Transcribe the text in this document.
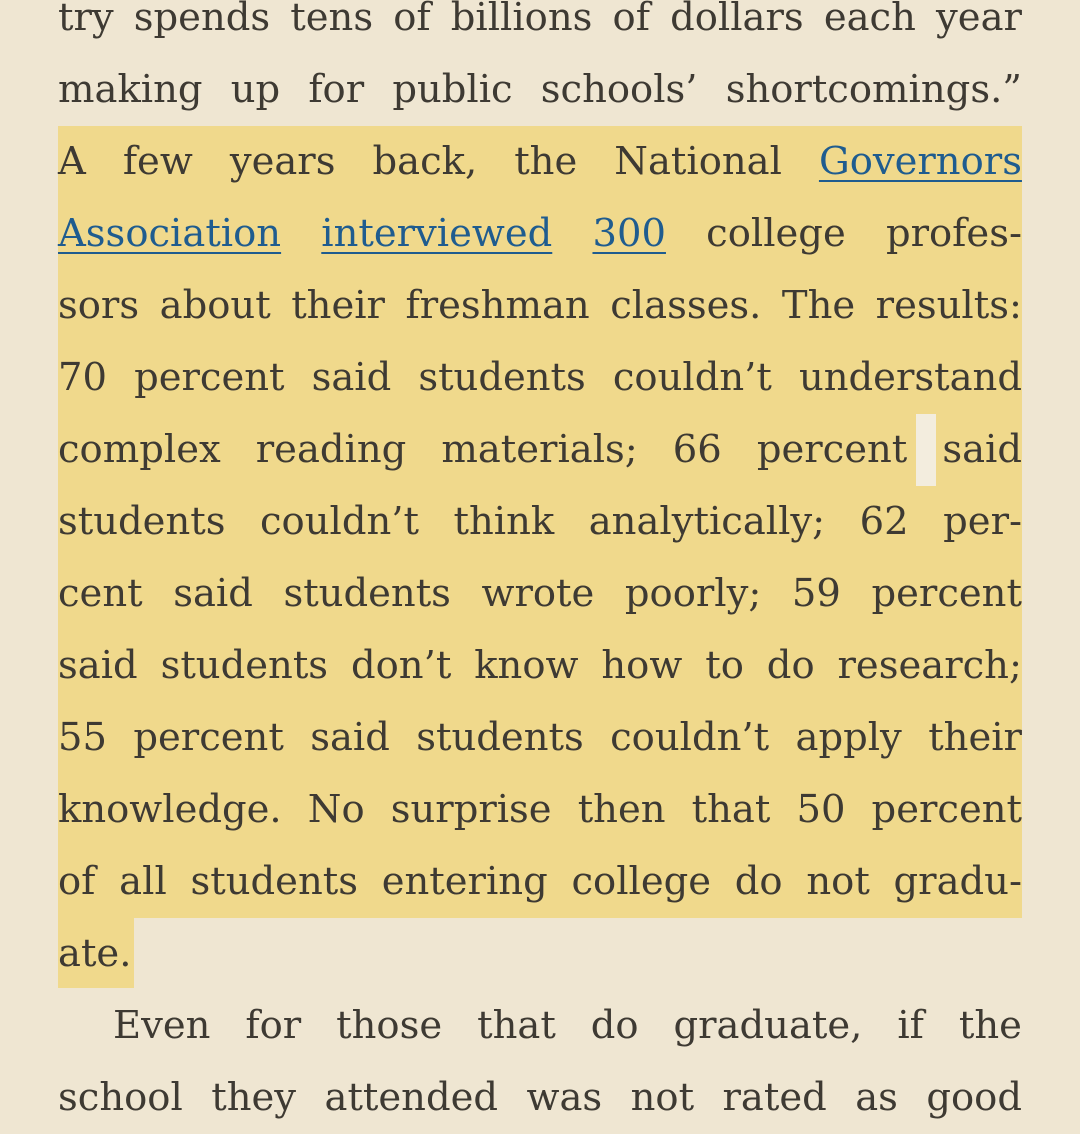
try spends tens of billions of dollars each year
making up for public schools’ shortcomings.”
A few years back, the National Governors
Association interviewed 300 college profes-
sors about their freshman classes. The results:
70 percent said students couldn’t understand
complex reading materials; 66 percent said
students couldn’t think analytically; 62 per-
cent said students wrote poorly; 59 percent
said students don’t know how to do research;
55 percent said students couldn’t apply their
knowledge. No surprise then that 50 percent
of all students entering college do not gradu-
ate.
Even for those that do graduate, if the
school they attended was not rated as good
